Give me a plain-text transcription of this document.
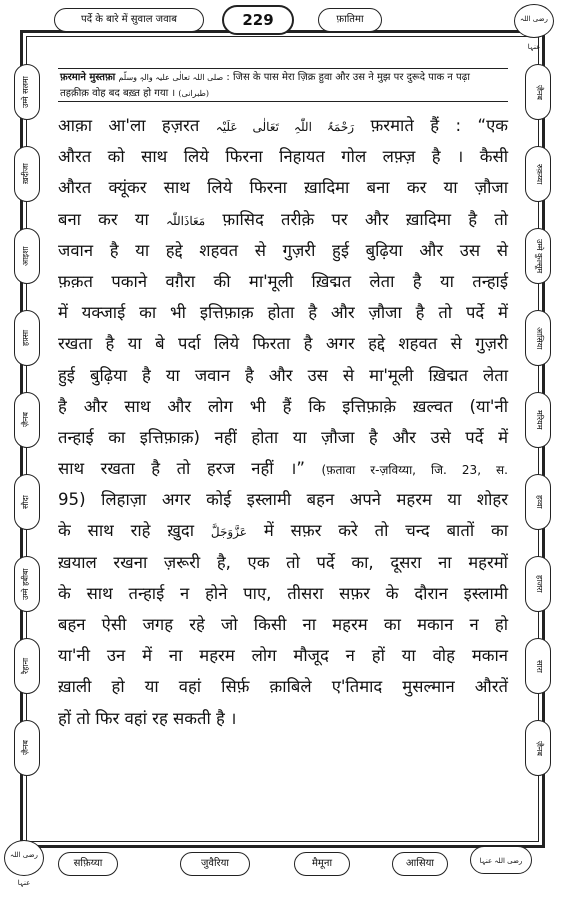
पर्दे के बारे में सुवाल जवाब	229	फ़ातिमा	رضی اللہ عنہا
उम्मे सलमा
ख़दीजा
आइशा
हफ़्सा
ज़ैनब
सौदा
उम्मे हबीबा
रैहाना
ज़ैनब
ज़ैनब
रुक़य्या
उम्मे कुल्सूम
आसिया
मरियम
हव्वा
हाजरा
सारा
ज़ैनब
फ़रमाने मुस्तफ़ा صلی اللہ تعالٰی علیہ والہٖ وسلّم : जिस के पास मेरा ज़िक्र हुवा और उस ने मुझ पर दुरूदे पाक न पढ़ा
तहक़ीक़ वोह बद बख़्त हो गया । (طبرانی)
आक़ा आ'ला हज़रत رَحْمَۃُ اللّٰہِ تَعَالٰی عَلَیْہ फ़रमाते हैं : “एक
औरत को साथ लिये फिरना निहायत गोल लफ़्ज़ है । कैसी
औरत क्यूंकर साथ लिये फिरना ख़ादिमा बना कर या ज़ौजा
बना कर या مَعَاذَاللّٰہ फ़ासिद तरीक़े पर और ख़ादिमा है तो
जवान है या हद्दे शहवत से गुज़री हुई बुढ़िया और उस से
फ़क़त पकाने वग़ैरा की मा'मूली ख़िद्मत लेता है या तन्हाई
में यक्जाई का भी इत्तिफ़ाक़ होता है और ज़ौजा है तो पर्दे में
रखता है या बे पर्दा लिये फिरता है अगर हद्दे शहवत से गुज़री
हुई बुढ़िया है या जवान है और उस से मा'मूली ख़िद्मत लेता
है और साथ और लोग भी हैं कि इत्तिफ़ाक़े ख़ल्वत (या'नी
तन्हाई का इत्तिफ़ाक़) नहीं होता या ज़ौजा है और उसे पर्दे में
साथ रखता है तो हरज नहीं ।” (फ़तावा र-ज़विय्या, जि. 23, स.
95) लिहाज़ा अगर कोई इस्लामी बहन अपने महरम या शोहर
के साथ राहे ख़ुदा عَزَّوَجَلَّ में सफ़र करे तो चन्द बातों का
ख़याल रखना ज़रूरी है, एक तो पर्दे का, दूसरा ना महरमों
के साथ तन्हाई न होने पाए, तीसरा सफ़र के दौरान इस्लामी
बहन ऐसी जगह रहे जो किसी ना महरम का मकान न हो
या'नी उन में ना महरम लोग मौजूद न हों या वोह मकान
ख़ाली हो या वहां सिर्फ़ क़ाबिले ए'तिमाद मुसल्मान औरतें
हों तो फिर वहां रह सकती है ।
رضی اللہ عنہا
सफ़िय्या	जुवैरिया	मैमूना	आसिया	رضی اللہ عنہا
